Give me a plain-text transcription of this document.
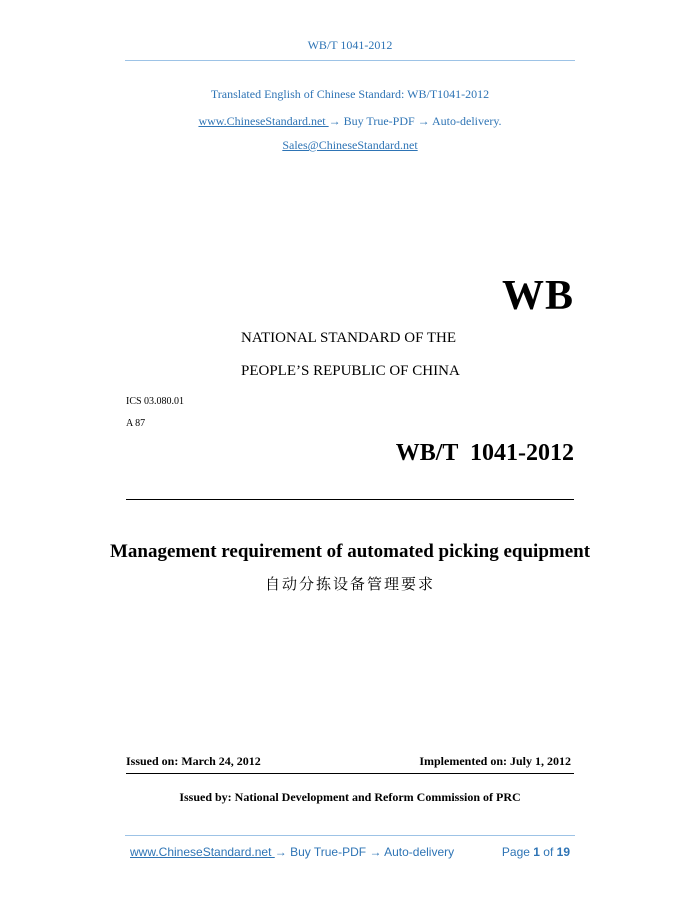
WB/T 1041-2012
Translated English of Chinese Standard: WB/T1041-2012
www.ChineseStandard.net → Buy True-PDF → Auto-delivery.
Sales@ChineseStandard.net
WB
NATIONAL STANDARD OF THE
PEOPLE’S REPUBLIC OF CHINA
ICS 03.080.01
A 87
WB/T 1041-2012
Management requirement of automated picking equipment
自动分拣设备管理要求
Issued on: March 24, 2012	Implemented on: July 1, 2012
Issued by: National Development and Reform Commission of PRC
www.ChineseStandard.net → Buy True-PDF → Auto-delivery	Page 1 of 19
